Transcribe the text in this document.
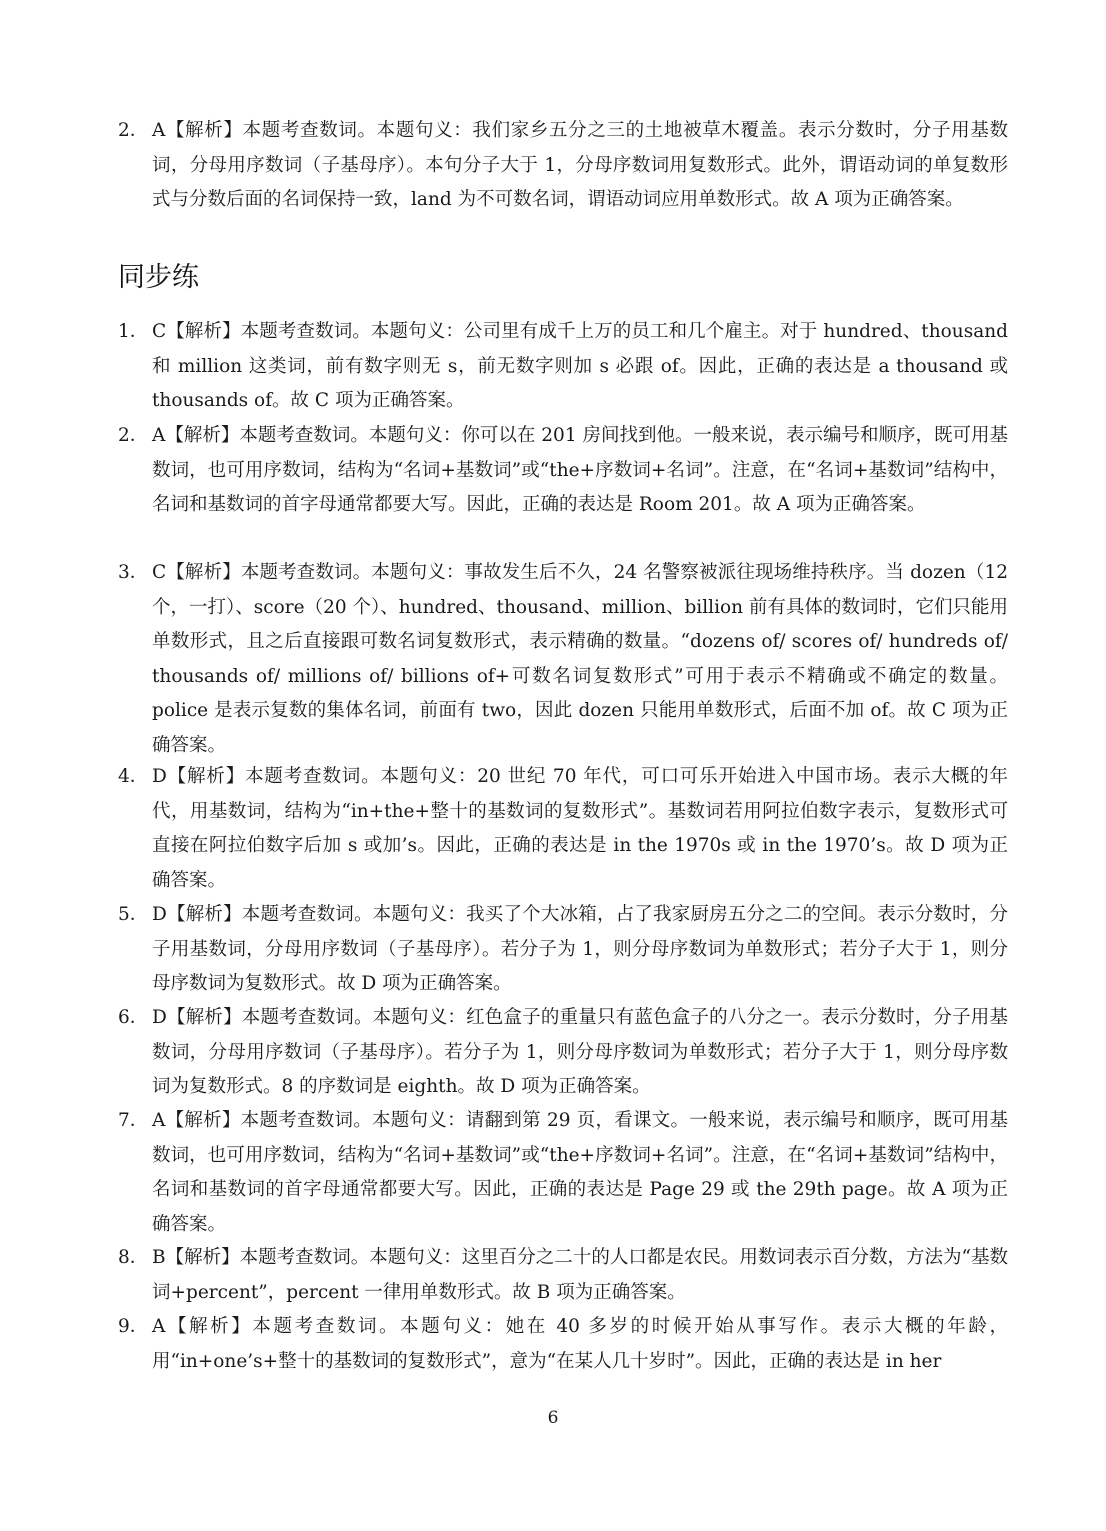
2． A【解析】本题考查数词。本题句义：我们家乡五分之三的土地被草木覆盖。表示分数时，分子用基数词，分母用序数词（子基母序）。本句分子大于 1，分母序数词用复数形式。此外，谓语动词的单复数形式与分数后面的名词保持一致，land 为不可数名词，谓语动词应用单数形式。故 A 项为正确答案。
同步练
1． C【解析】本题考查数词。本题句义：公司里有成千上万的员工和几个雇主。对于 hundred、thousand 和 million 这类词，前有数字则无 s，前无数字则加 s 必跟 of。因此，正确的表达是 a thousand 或 thousands of。故 C 项为正确答案。
2． A【解析】本题考查数词。本题句义：你可以在 201 房间找到他。一般来说，表示编号和顺序，既可用基数词，也可用序数词，结构为“名词+基数词”或“the+序数词+名词”。注意，在“名词+基数词”结构中，名词和基数词的首字母通常都要大写。因此，正确的表达是 Room 201。故 A 项为正确答案。
3． C【解析】本题考查数词。本题句义：事故发生后不久，24 名警察被派往现场维持秩序。当 dozen（12 个，一打）、score（20 个）、hundred、thousand、million、billion 前有具体的数词时，它们只能用单数形式，且之后直接跟可数名词复数形式，表示精确的数量。“dozens of/ scores of/ hundreds of/ thousands of/ millions of/ billions of+可数名词复数形式”可用于表示不精确或不确定的数量。police 是表示复数的集体名词，前面有 two，因此 dozen 只能用单数形式，后面不加 of。故 C 项为正确答案。
4． D【解析】本题考查数词。本题句义：20 世纪 70 年代，可口可乐开始进入中国市场。表示大概的年代，用基数词，结构为“in+the+整十的基数词的复数形式”。基数词若用阿拉伯数字表示，复数形式可直接在阿拉伯数字后加 s 或加’s。因此，正确的表达是 in the 1970s 或 in the 1970’s。故 D 项为正确答案。
5． D【解析】本题考查数词。本题句义：我买了个大冰箱，占了我家厨房五分之二的空间。表示分数时，分子用基数词，分母用序数词（子基母序）。若分子为 1，则分母序数词为单数形式；若分子大于 1，则分母序数词为复数形式。故 D 项为正确答案。
6． D【解析】本题考查数词。本题句义：红色盒子的重量只有蓝色盒子的八分之一。表示分数时，分子用基数词，分母用序数词（子基母序）。若分子为 1，则分母序数词为单数形式；若分子大于 1，则分母序数词为复数形式。8 的序数词是 eighth。故 D 项为正确答案。
7． A【解析】本题考查数词。本题句义：请翻到第 29 页，看课文。一般来说，表示编号和顺序，既可用基数词，也可用序数词，结构为“名词+基数词”或“the+序数词+名词”。注意，在“名词+基数词”结构中，名词和基数词的首字母通常都要大写。因此，正确的表达是 Page 29 或 the 29th page。故 A 项为正确答案。
8． B【解析】本题考查数词。本题句义：这里百分之二十的人口都是农民。用数词表示百分数，方法为“基数词+percent”，percent 一律用单数形式。故 B 项为正确答案。
9． A【解析】本题考查数词。本题句义：她在 40 多岁的时候开始从事写作。表示大概的年龄，用“in+one’s+整十的基数词的复数形式”，意为“在某人几十岁时”。因此，正确的表达是 in her
6
